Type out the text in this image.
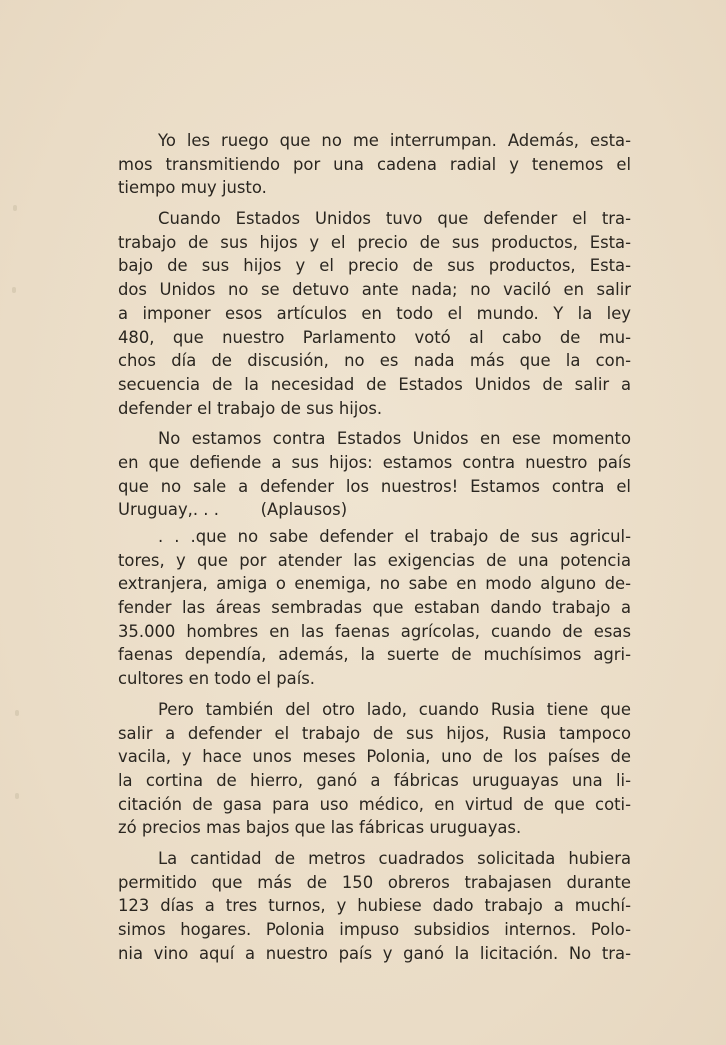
Yo les ruego que no me interrumpan. Además, esta-
mos transmitiendo por una cadena radial y tenemos el
tiempo muy justo.
Cuando Estados Unidos tuvo que defender el tra-
trabajo de sus hijos y el precio de sus productos, Esta-
bajo de sus hijos y el precio de sus productos, Esta-
dos Unidos no se detuvo ante nada; no vaciló en salir
a imponer esos artículos en todo el mundo. Y la ley
480, que nuestro Parlamento votó al cabo de mu-
chos día de discusión, no es nada más que la con-
secuencia de la necesidad de Estados Unidos de salir a
defender el trabajo de sus hijos.
No estamos contra Estados Unidos en ese momento
en que defiende a sus hijos: estamos contra nuestro país
que no sale a defender los nuestros! Estamos contra el
Uruguay,. . .        (Aplausos)
. . .que no sabe defender el trabajo de sus agricul-
tores, y que por atender las exigencias de una potencia
extranjera, amiga o enemiga, no sabe en modo alguno de-
fender las áreas sembradas que estaban dando trabajo a
35.000 hombres en las faenas agrícolas, cuando de esas
faenas dependía, además, la suerte de muchísimos agri-
cultores en todo el país.
Pero también del otro lado, cuando Rusia tiene que
salir a defender el trabajo de sus hijos, Rusia tampoco
vacila, y hace unos meses Polonia, uno de los países de
la cortina de hierro, ganó a fábricas uruguayas una li-
citación de gasa para uso médico, en virtud de que coti-
zó precios mas bajos que las fábricas uruguayas.
La cantidad de metros cuadrados solicitada hubiera
permitido que más de 150 obreros trabajasen durante
123 días a tres turnos, y hubiese dado trabajo a muchí-
simos hogares. Polonia impuso subsidios internos. Polo-
nia vino aquí a nuestro país y ganó la licitación. No tra-
